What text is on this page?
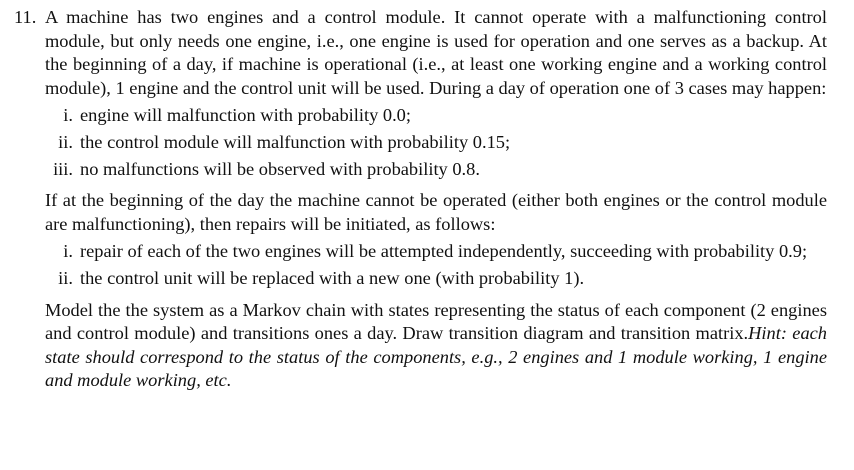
11. A machine has two engines and a control module. It cannot operate with a malfunctioning control module, but only needs one engine, i.e., one engine is used for operation and one serves as a backup. At the beginning of a day, if machine is operational (i.e., at least one working engine and a working control module), 1 engine and the control unit will be used. During a day of operation one of 3 cases may happen:

i. engine will malfunction with probability 0.0;
ii. the control module will malfunction with probability 0.15;
iii. no malfunctions will be observed with probability 0.8.

If at the beginning of the day the machine cannot be operated (either both engines or the control module are malfunctioning), then repairs will be initiated, as follows:

i. repair of each of the two engines will be attempted independently, succeeding with probability 0.9;
ii. the control unit will be replaced with a new one (with probability 1).

Model the the system as a Markov chain with states representing the status of each component (2 engines and control module) and transitions ones a day. Draw transition diagram and transition matrix.Hint: each state should correspond to the status of the components, e.g., 2 engines and 1 module working, 1 engine and module working, etc.
